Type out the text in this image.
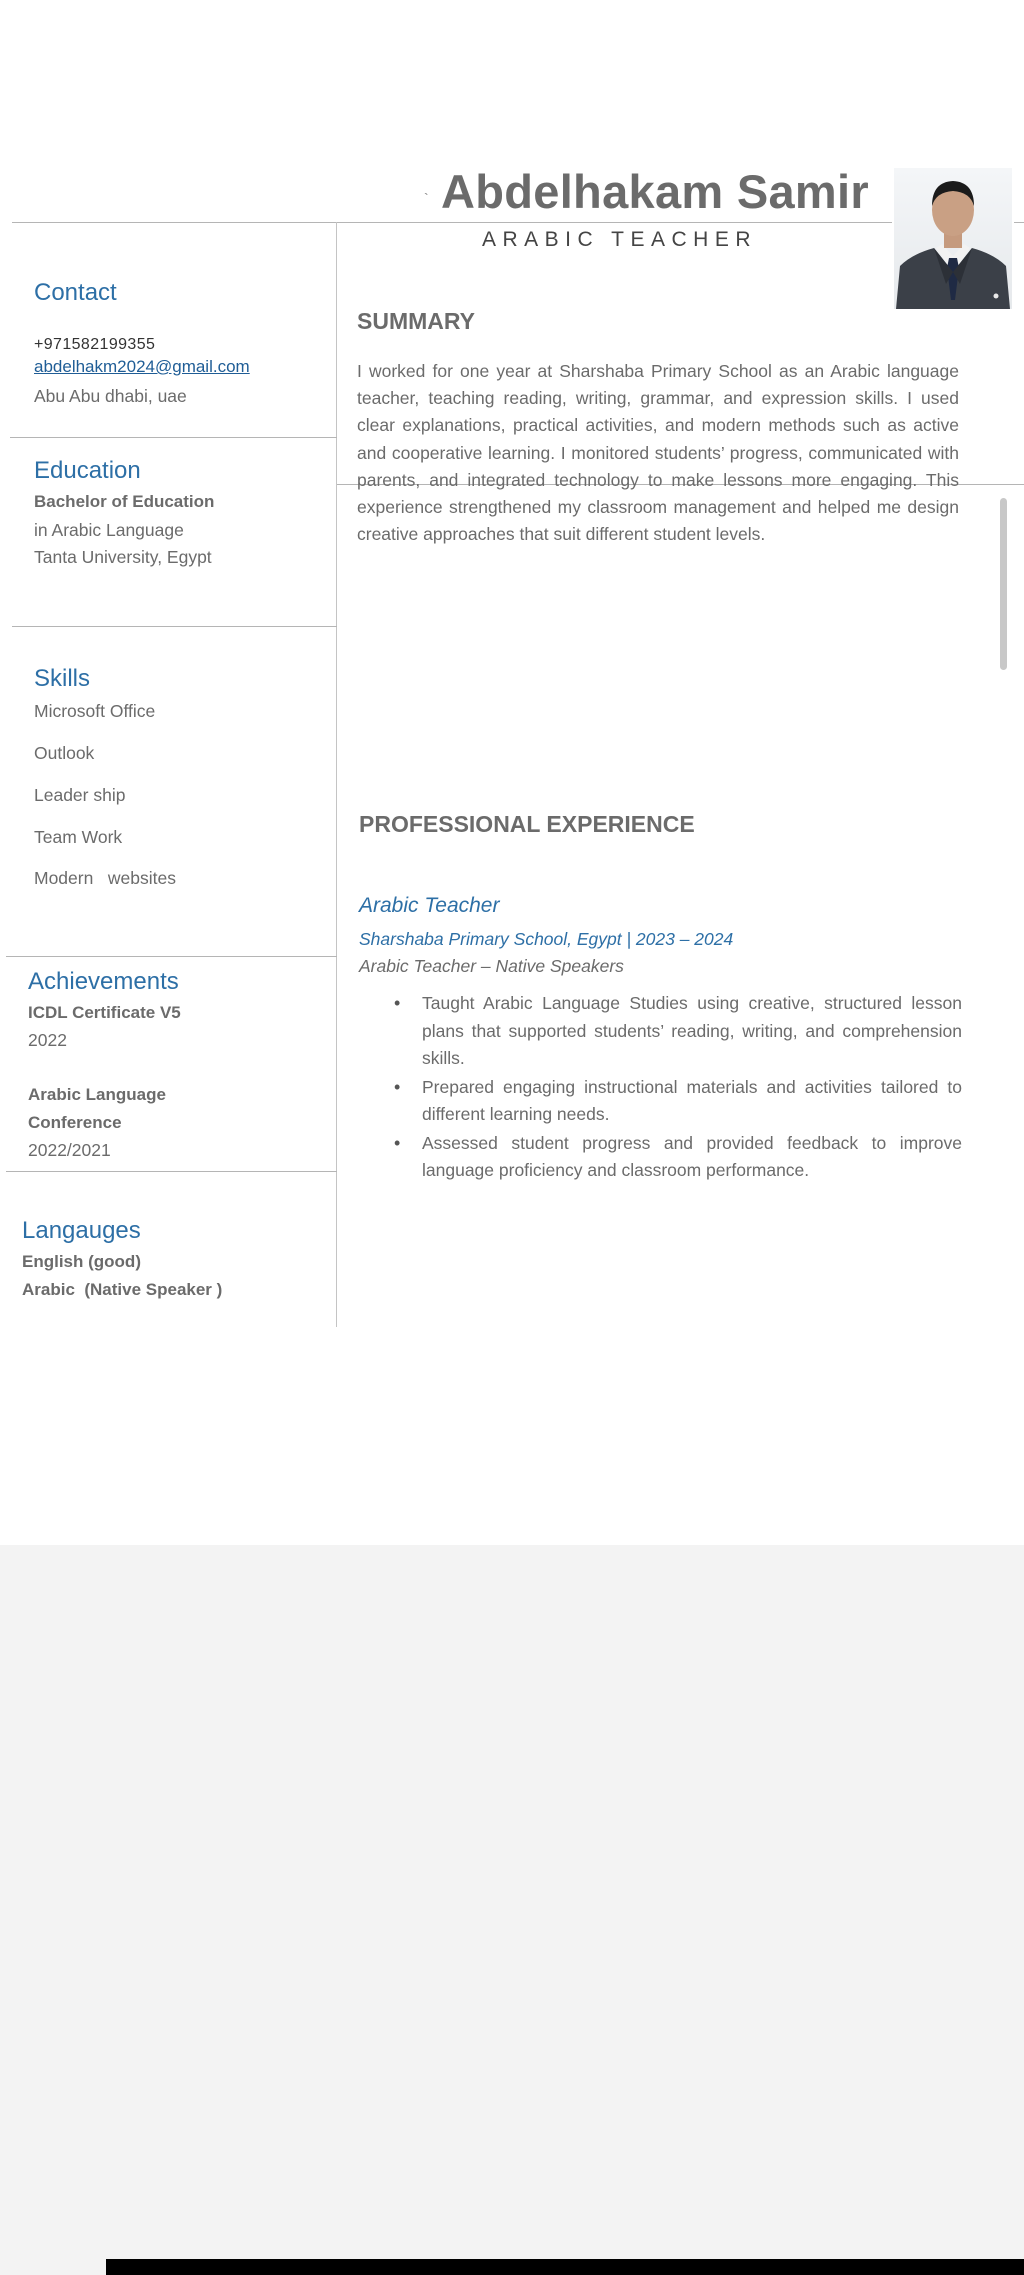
` Abdelhakam Samir
ARABIC TEACHER
Contact
+971582199355
abdelhakm2024@gmail.com
Abu Abu dhabi, uae
Education
Bachelor of Education
in Arabic Language
Tanta University, Egypt
Skills
Microsoft Office
Outlook
Leader ship
Team Work
Modern   websites
Achievements
ICDL Certificate V5
2022
Arabic Language
Conference
2022/2021
Langauges
English (good)
Arabic  (Native Speaker )
SUMMARY

I worked for one year at Sharshaba Primary School as an Arabic language teacher, teaching reading, writing, grammar, and expression skills. I used clear explanations, practical activities, and modern methods such as active and cooperative learning. I monitored students’ progress, communicated with parents, and integrated technology to make lessons more engaging. This experience strengthened my classroom management and helped me design creative approaches that suit different student levels.

PROFESSIONAL EXPERIENCE
Arabic Teacher
Sharshaba Primary School, Egypt | 2023 – 2024
Arabic Teacher – Native Speakers
• Taught Arabic Language Studies using creative, structured lesson plans that supported students’ reading, writing, and comprehension skills.
• Prepared engaging instructional materials and activities tailored to different learning needs.
• Assessed student progress and provided feedback to improve language proficiency and classroom performance.
